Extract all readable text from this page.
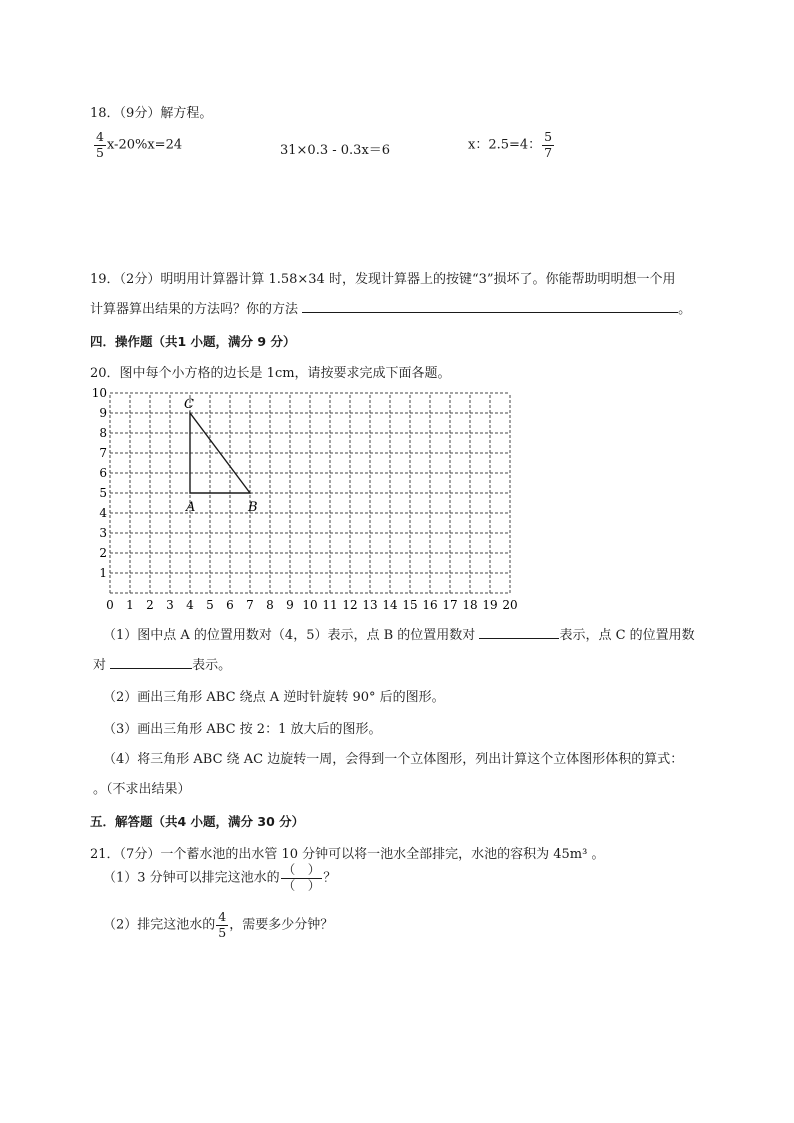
18．（9分）解方程。
$\frac{4}{5} x-20\%x=24$	31×0.3 - 0.3x＝6	x：2.5=4： $\frac{5}{7}$
19．（2分）明明用计算器计算 1.58×34 时，发现计算器上的按键“3”损坏了。你能帮助明明想一个用
计算器算出结果的方法吗？你的方法	。
四．操作题（共1 小题，满分 9 分）
20．图中每个小方格的边长是 1cm，请按要求完成下面各题。
0 1 2 3 4 5 6 7 8 9 10 11 12 13 14 15 16 17 18 19 20
1
2
3
4
5
6
7
8
9
10
A	B
C
（1）图中点 A 的位置用数对（4，5）表示，点 B 的位置用数对	表示，点 C 的位置用数
对	表示。
（2）画出三角形 ABC 绕点 A 逆时针旋转 90° 后的图形。
（3）画出三角形 ABC 按 2：1 放大后的图形。
（4）将三角形 ABC 绕 AC 边旋转一周，会得到一个立体图形，列出计算这个立体图形体积的算式：
。（不求出结果）
五．解答题（共4 小题，满分 30 分）
21．（7分）一个蓄水池的出水管 10 分钟可以将一池水全部排完，水池的容积为 45m³ 。
（1）3 分钟可以排完这池水的 $\frac{( )}{( )}$ ？
（2）排完这池水的 $\frac{4}{5}$ ，需要多少分钟？
